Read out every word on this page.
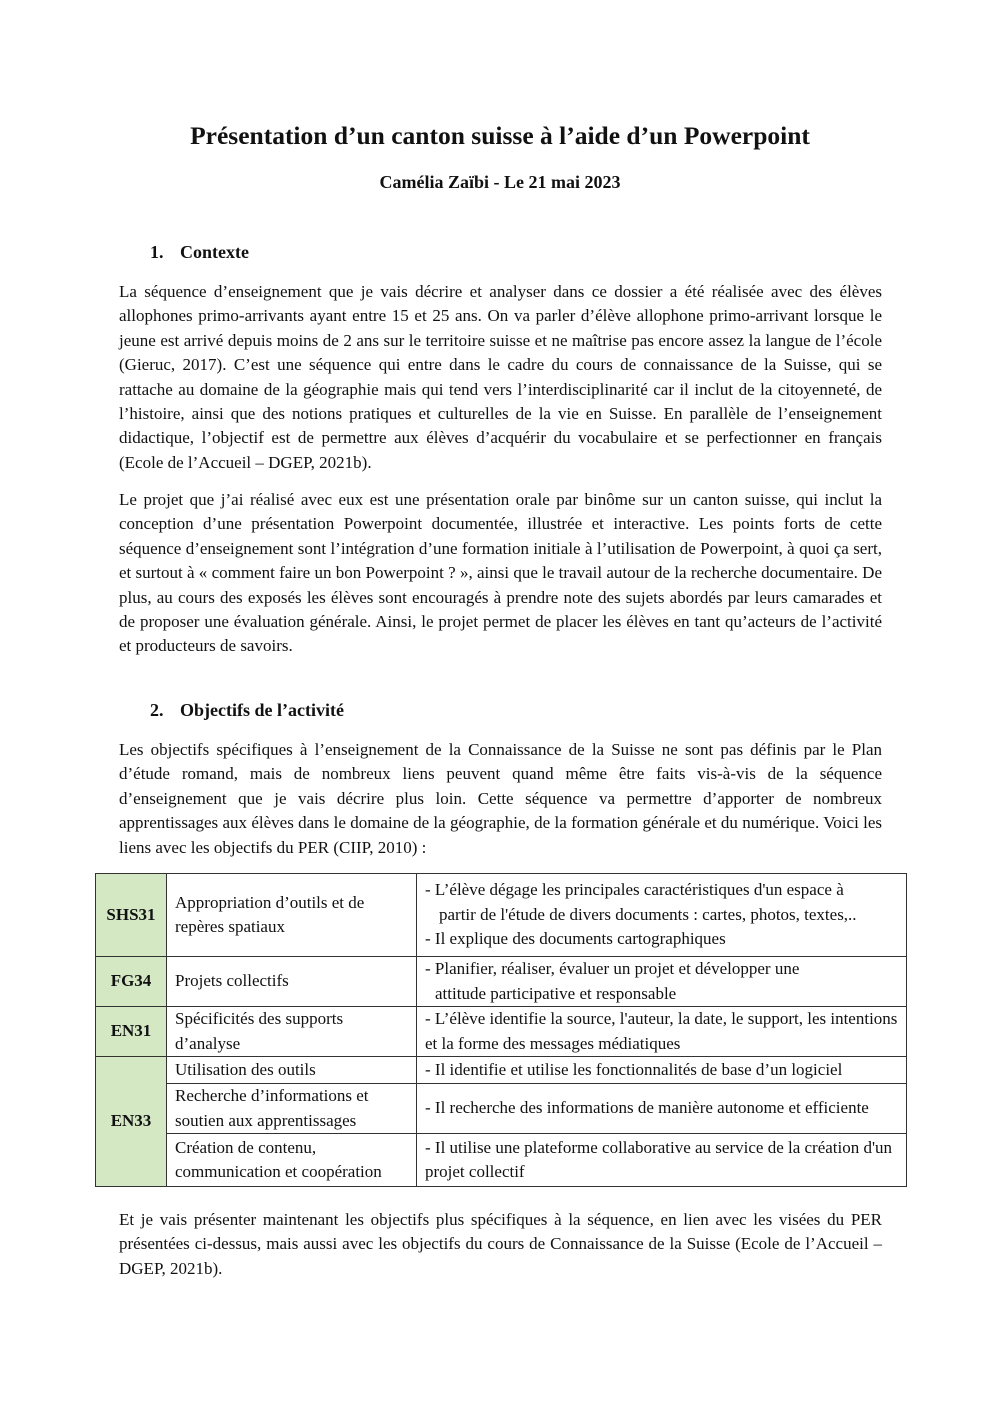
Présentation d’un canton suisse à l’aide d’un Powerpoint

Camélia Zaïbi - Le 21 mai 2023

1. Contexte

La séquence d’enseignement que je vais décrire et analyser dans ce dossier a été réalisée avec des élèves allophones primo-arrivants ayant entre 15 et 25 ans. On va parler d’élève allophone primo-arrivant lorsque le jeune est arrivé depuis moins de 2 ans sur le territoire suisse et ne maîtrise pas encore assez la langue de l’école (Gieruc, 2017). C’est une séquence qui entre dans le cadre du cours de connaissance de la Suisse, qui se rattache au domaine de la géographie mais qui tend vers l’interdisciplinarité car il inclut de la citoyenneté, de l’histoire, ainsi que des notions pratiques et culturelles de la vie en Suisse. En parallèle de l’enseignement didactique, l’objectif est de permettre aux élèves d’acquérir du vocabulaire et se perfectionner en français (Ecole de l’Accueil – DGEP, 2021b).

Le projet que j’ai réalisé avec eux est une présentation orale par binôme sur un canton suisse, qui inclut la conception d’une présentation Powerpoint documentée, illustrée et interactive. Les points forts de cette séquence d’enseignement sont l’intégration d’une formation initiale à l’utilisation de Powerpoint, à quoi ça sert, et surtout à « comment faire un bon Powerpoint ? », ainsi que le travail autour de la recherche documentaire. De plus, au cours des exposés les élèves sont encouragés à prendre note des sujets abordés par leurs camarades et de proposer une évaluation générale. Ainsi, le projet permet de placer les élèves en tant qu’acteurs de l’activité et producteurs de savoirs.

2. Objectifs de l’activité

Les objectifs spécifiques à l’enseignement de la Connaissance de la Suisse ne sont pas définis par le Plan d’étude romand, mais de nombreux liens peuvent quand même être faits vis-à-vis de la séquence d’enseignement que je vais décrire plus loin. Cette séquence va permettre d’apporter de nombreux apprentissages aux élèves dans le domaine de la géographie, de la formation générale et du numérique. Voici les liens avec les objectifs du PER (CIIP, 2010) :

SHS31	Appropriation d’outils et de repères spatiaux	- L’élève dégage les principales caractéristiques d'un espace à
partir de l'étude de divers documents : cartes, photos, textes,..
- Il explique des documents cartographiques

FG34	Projets collectifs	- Planifier, réaliser, évaluer un projet et développer une
attitude participative et responsable

EN31	Spécificités des supports d’analyse	- L’élève identifie la source, l'auteur, la date, le support, les intentions et la forme des messages médiatiques

EN33	Utilisation des outils	- Il identifie et utilise les fonctionnalités de base d’un logiciel

	Recherche d’informations et soutien aux apprentissages	- Il recherche des informations de manière autonome et efficiente

	Création de contenu, communication et coopération	- Il utilise une plateforme collaborative au service de la création d'un projet collectif

Et je vais présenter maintenant les objectifs plus spécifiques à la séquence, en lien avec les visées du PER présentées ci-dessus, mais aussi avec les objectifs du cours de Connaissance de la Suisse (Ecole de l’Accueil – DGEP, 2021b).
